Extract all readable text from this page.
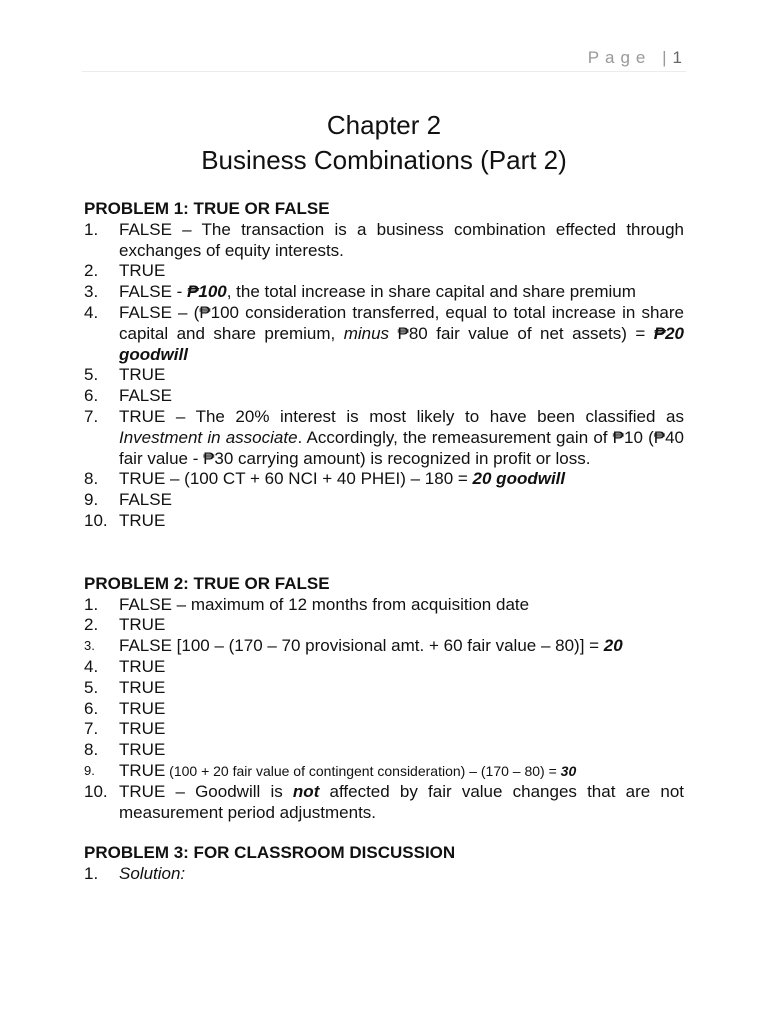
Page |1
Chapter 2
Business Combinations (Part 2)

PROBLEM 1: TRUE OR FALSE

1. FALSE – The transaction is a business combination effected through exchanges of equity interests.
2. TRUE
3. FALSE - ₱100, the total increase in share capital and share premium
4. FALSE – (₱100 consideration transferred, equal to total increase in share capital and share premium, minus ₱80 fair value of net assets) = ₱20 goodwill
5. TRUE
6. FALSE
7. TRUE – The 20% interest is most likely to have been classified as Investment in associate. Accordingly, the remeasurement gain of ₱10 (₱40 fair value - ₱30 carrying amount) is recognized in profit or loss.
8. TRUE – (100 CT + 60 NCI + 40 PHEI) – 180 = 20 goodwill
9. FALSE
10. TRUE

PROBLEM 2: TRUE OR FALSE

1. FALSE – maximum of 12 months from acquisition date
2. TRUE
3. FALSE [100 – (170 – 70 provisional amt. + 60 fair value – 80)] = 20
4. TRUE
5. TRUE
6. TRUE
7. TRUE
8. TRUE
9. TRUE (100 + 20 fair value of contingent consideration) – (170 – 80) = 30
10. TRUE – Goodwill is not affected by fair value changes that are not measurement period adjustments.

PROBLEM 3: FOR CLASSROOM DISCUSSION

1. Solution:
